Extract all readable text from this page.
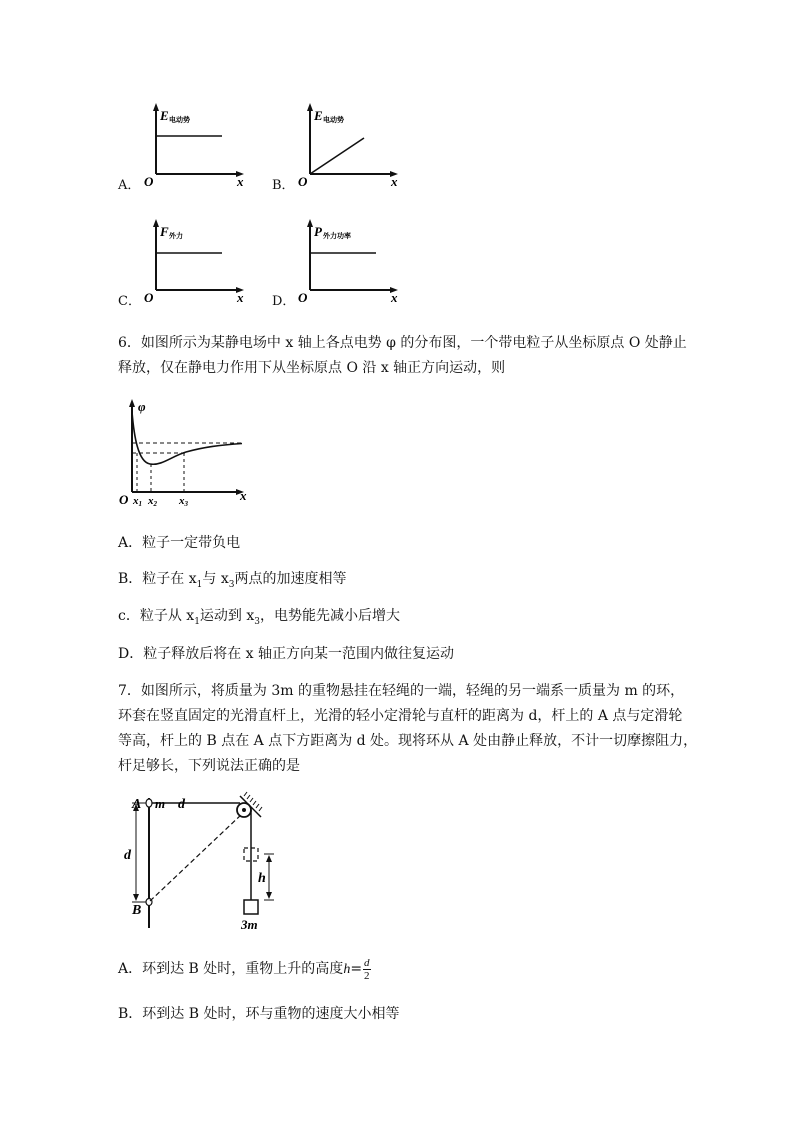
A．
E 电动势
O	x B．
E 电动势
O	x
C．
F 外力
O	x D．
P 外力功率
O	x
6．如图所示为某静电场中 x 轴上各点电势 φ 的分布图，一个带电粒子从坐标原点 O 处静止
释放，仅在静电力作用下从坐标原点 O 沿 x 轴正方向运动，则
φ
O	x
x1 x2 x3
A．粒子一定带负电
B．粒子在 $x_1$与 $x_3$两点的加速度相等
c．粒子从 $x_1$运动到 $x_3$，电势能先减小后增大
D．粒子释放后将在 x 轴正方向某一范围内做往复运动
7．如图所示，将质量为 3m 的重物悬挂在轻绳的一端，轻绳的另一端系一质量为 m 的环，
环套在竖直固定的光滑直杆上，光滑的轻小定滑轮与直杆的距离为 d，杆上的 A 点与定滑轮
等高，杆上的 B 点在 A 点下方距离为 d 处。现将环从 A 处由静止释放，不计一切摩擦阻力，
杆足够长，下列说法正确的是
A m d
d
B
h
3m
A．环到达 B 处时，重物上升的高度$h= \frac{d}{2}$
B．环到达 B 处时，环与重物的速度大小相等
